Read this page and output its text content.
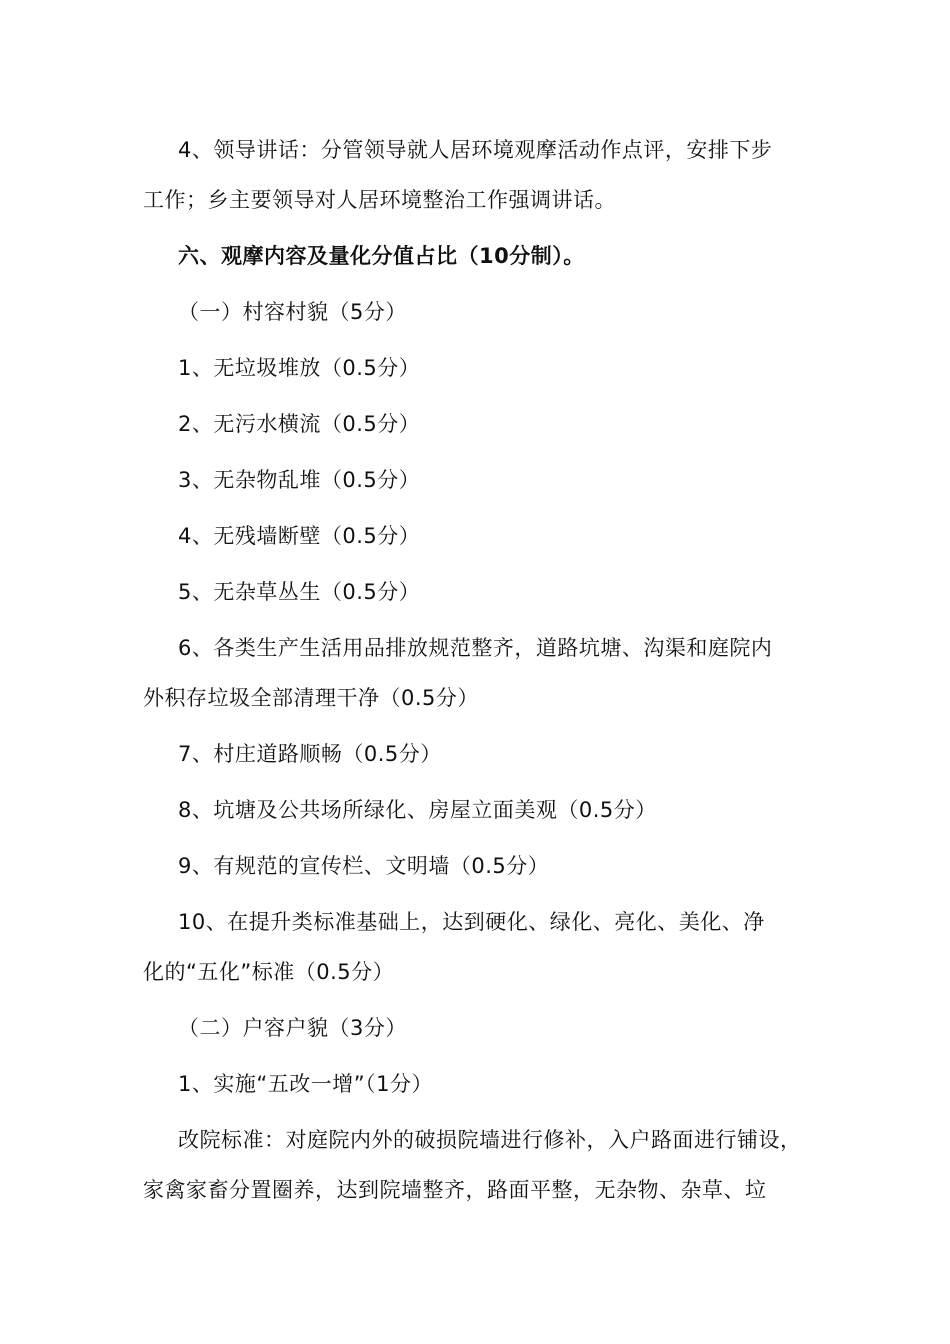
4、领导讲话：分管领导就人居环境观摩活动作点评，安排下步
工作；乡主要领导对人居环境整治工作强调讲话。
六、观摩内容及量化分值占比（10分制）。
（一）村容村貌（5分）
1、无垃圾堆放（0.5分）
2、无污水横流（0.5分）
3、无杂物乱堆（0.5分）
4、无残墙断壁（0.5分）
5、无杂草丛生（0.5分）
6、各类生产生活用品排放规范整齐，道路坑塘、沟渠和庭院内
外积存垃圾全部清理干净（0.5分）
7、村庄道路顺畅（0.5分）
8、坑塘及公共场所绿化、房屋立面美观（0.5分）
9、有规范的宣传栏、文明墙（0.5分）
10、在提升类标准基础上，达到硬化、绿化、亮化、美化、净
化的“五化”标准（0.5分）
（二）户容户貌（3分）
1、实施“五改一增”（1分）
改院标准：对庭院内外的破损院墙进行修补，入户路面进行铺设，
家禽家畜分置圈养，达到院墙整齐，路面平整，无杂物、杂草、垃
